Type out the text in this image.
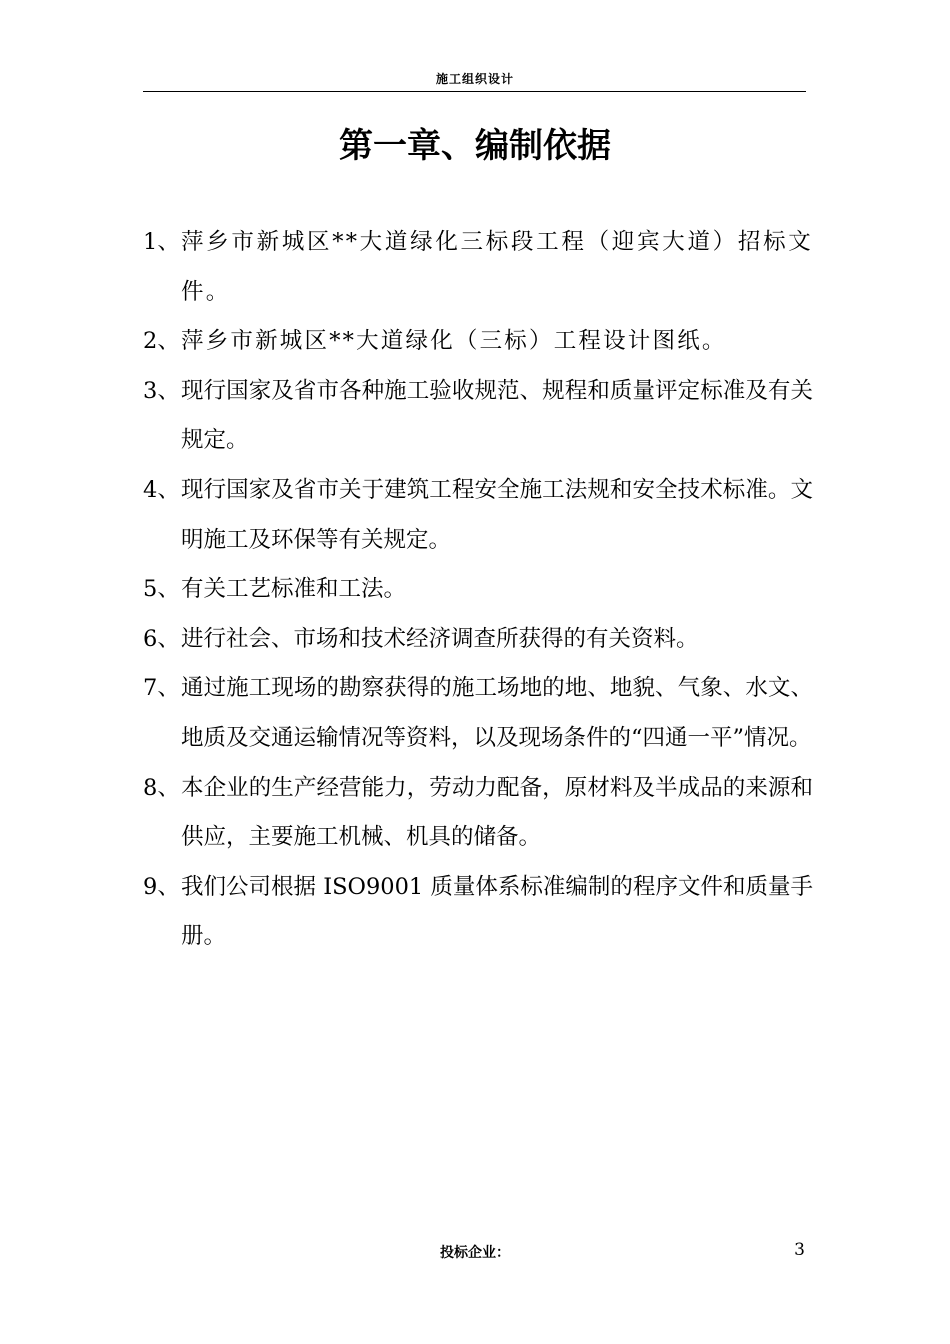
施工组织设计
第一章、编制依据
1、 萍乡市新城区**大道绿化三标段工程（迎宾大道）招标文件。
2、 萍乡市新城区**大道绿化（三标）工程设计图纸。
3、 现行国家及省市各种施工验收规范、规程和质量评定标准及有关规定。
4、 现行国家及省市关于建筑工程安全施工法规和安全技术标准。文明施工及环保等有关规定。
5、 有关工艺标准和工法。
6、 进行社会、市场和技术经济调查所获得的有关资料。
7、 通过施工现场的勘察获得的施工场地的地、地貌、气象、水文、地质及交通运输情况等资料，以及现场条件的“四通一平”情况。
8、 本企业的生产经营能力，劳动力配备，原材料及半成品的来源和供应，主要施工机械、机具的储备。
9、 我们公司根据 ISO9001 质量体系标准编制的程序文件和质量手册。
投标企业：	3
